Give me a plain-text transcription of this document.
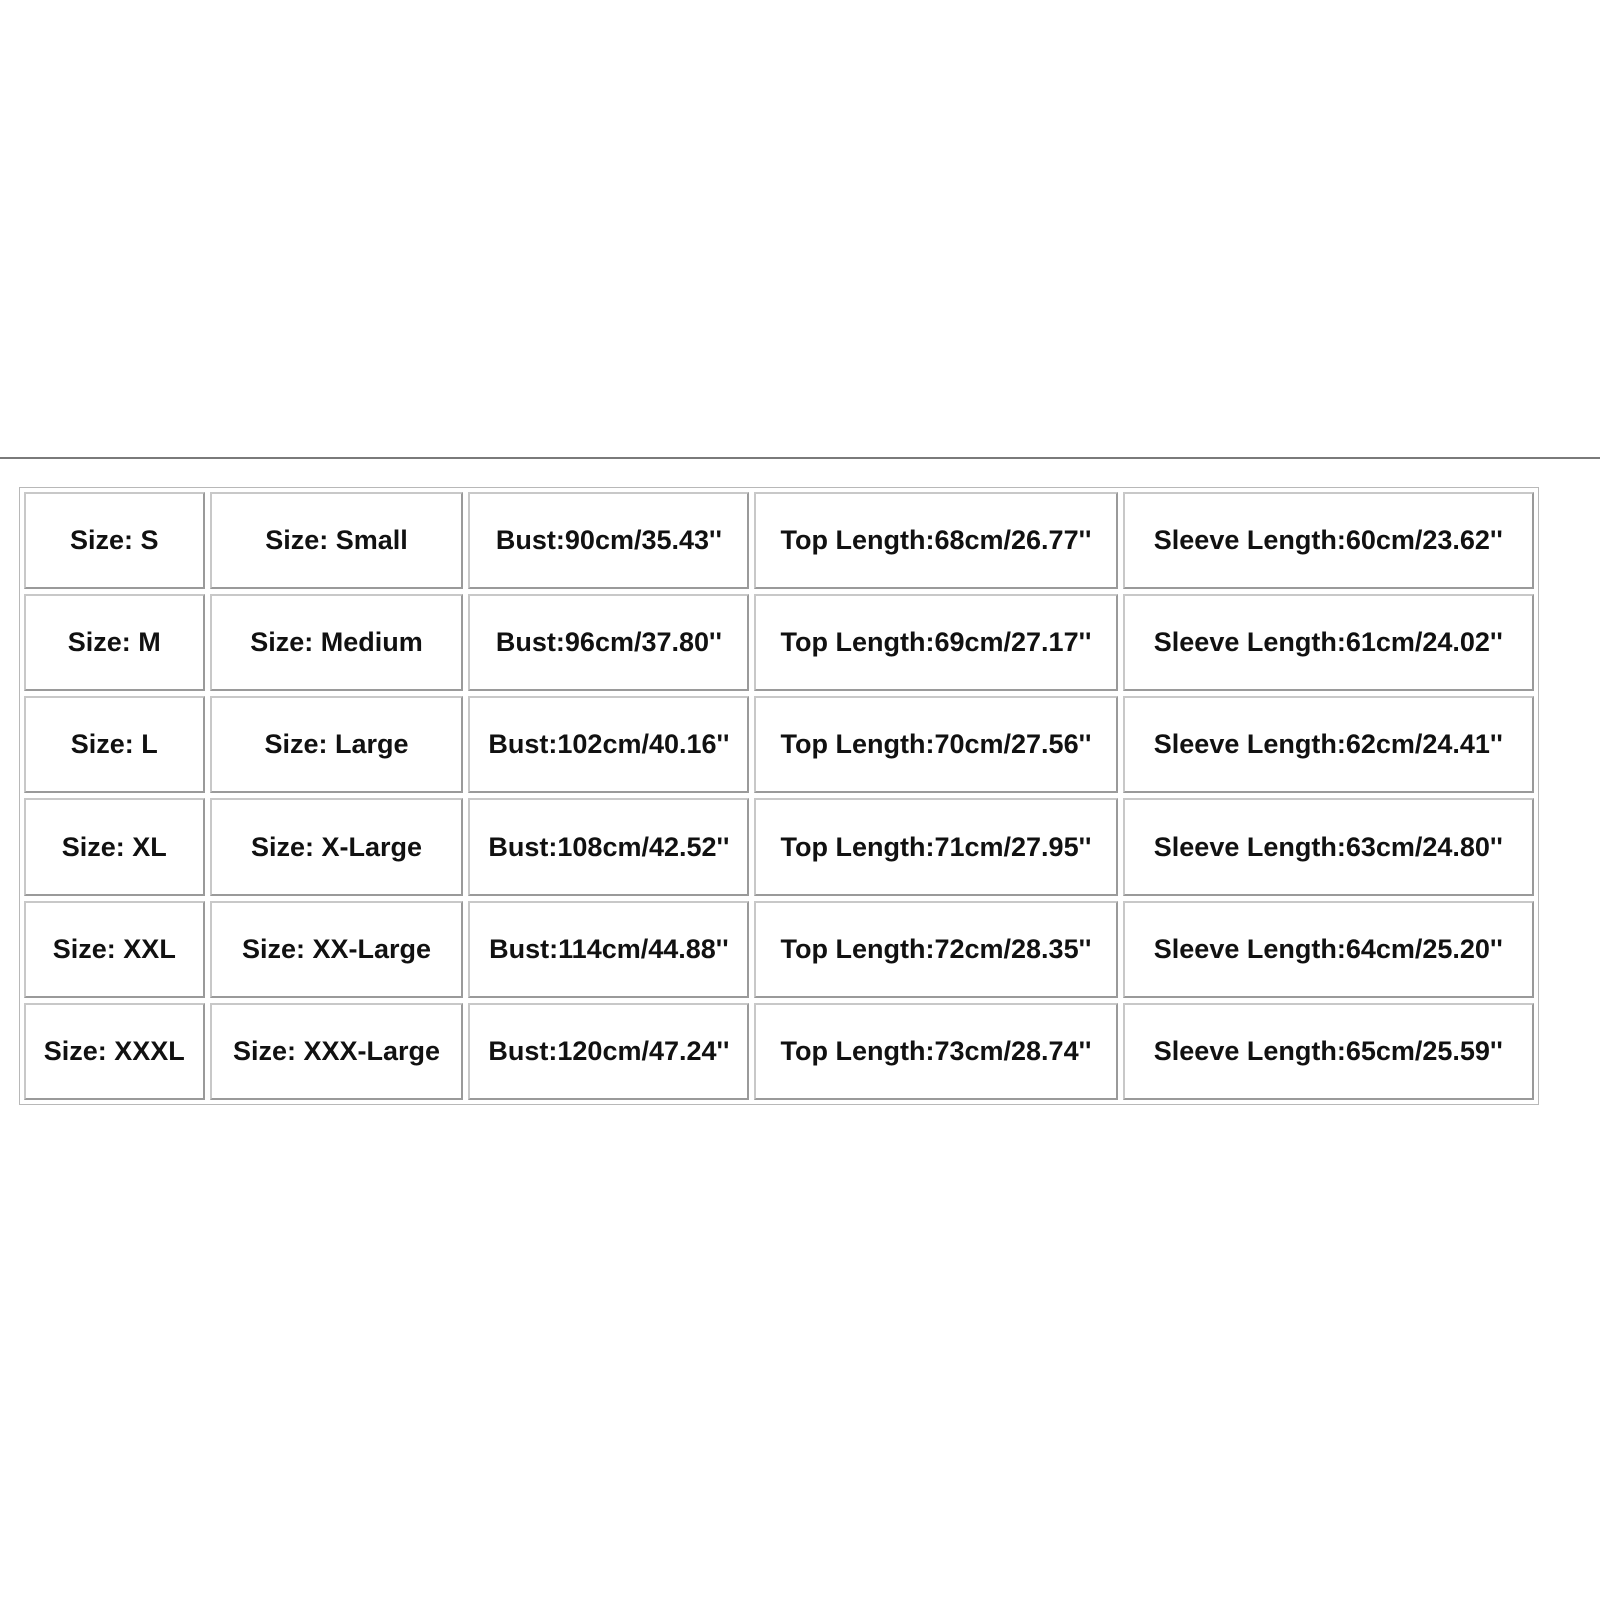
Size: S	Size: Small	Bust:90cm/35.43''	Top Length:68cm/26.77''	Sleeve Length:60cm/23.62''
Size: M	Size: Medium	Bust:96cm/37.80''	Top Length:69cm/27.17''	Sleeve Length:61cm/24.02''
Size: L	Size: Large	Bust:102cm/40.16''	Top Length:70cm/27.56''	Sleeve Length:62cm/24.41''
Size: XL	Size: X-Large	Bust:108cm/42.52''	Top Length:71cm/27.95''	Sleeve Length:63cm/24.80''
Size: XXL	Size: XX-Large	Bust:114cm/44.88''	Top Length:72cm/28.35''	Sleeve Length:64cm/25.20''
Size: XXXL	Size: XXX-Large	Bust:120cm/47.24''	Top Length:73cm/28.74''	Sleeve Length:65cm/25.59''
